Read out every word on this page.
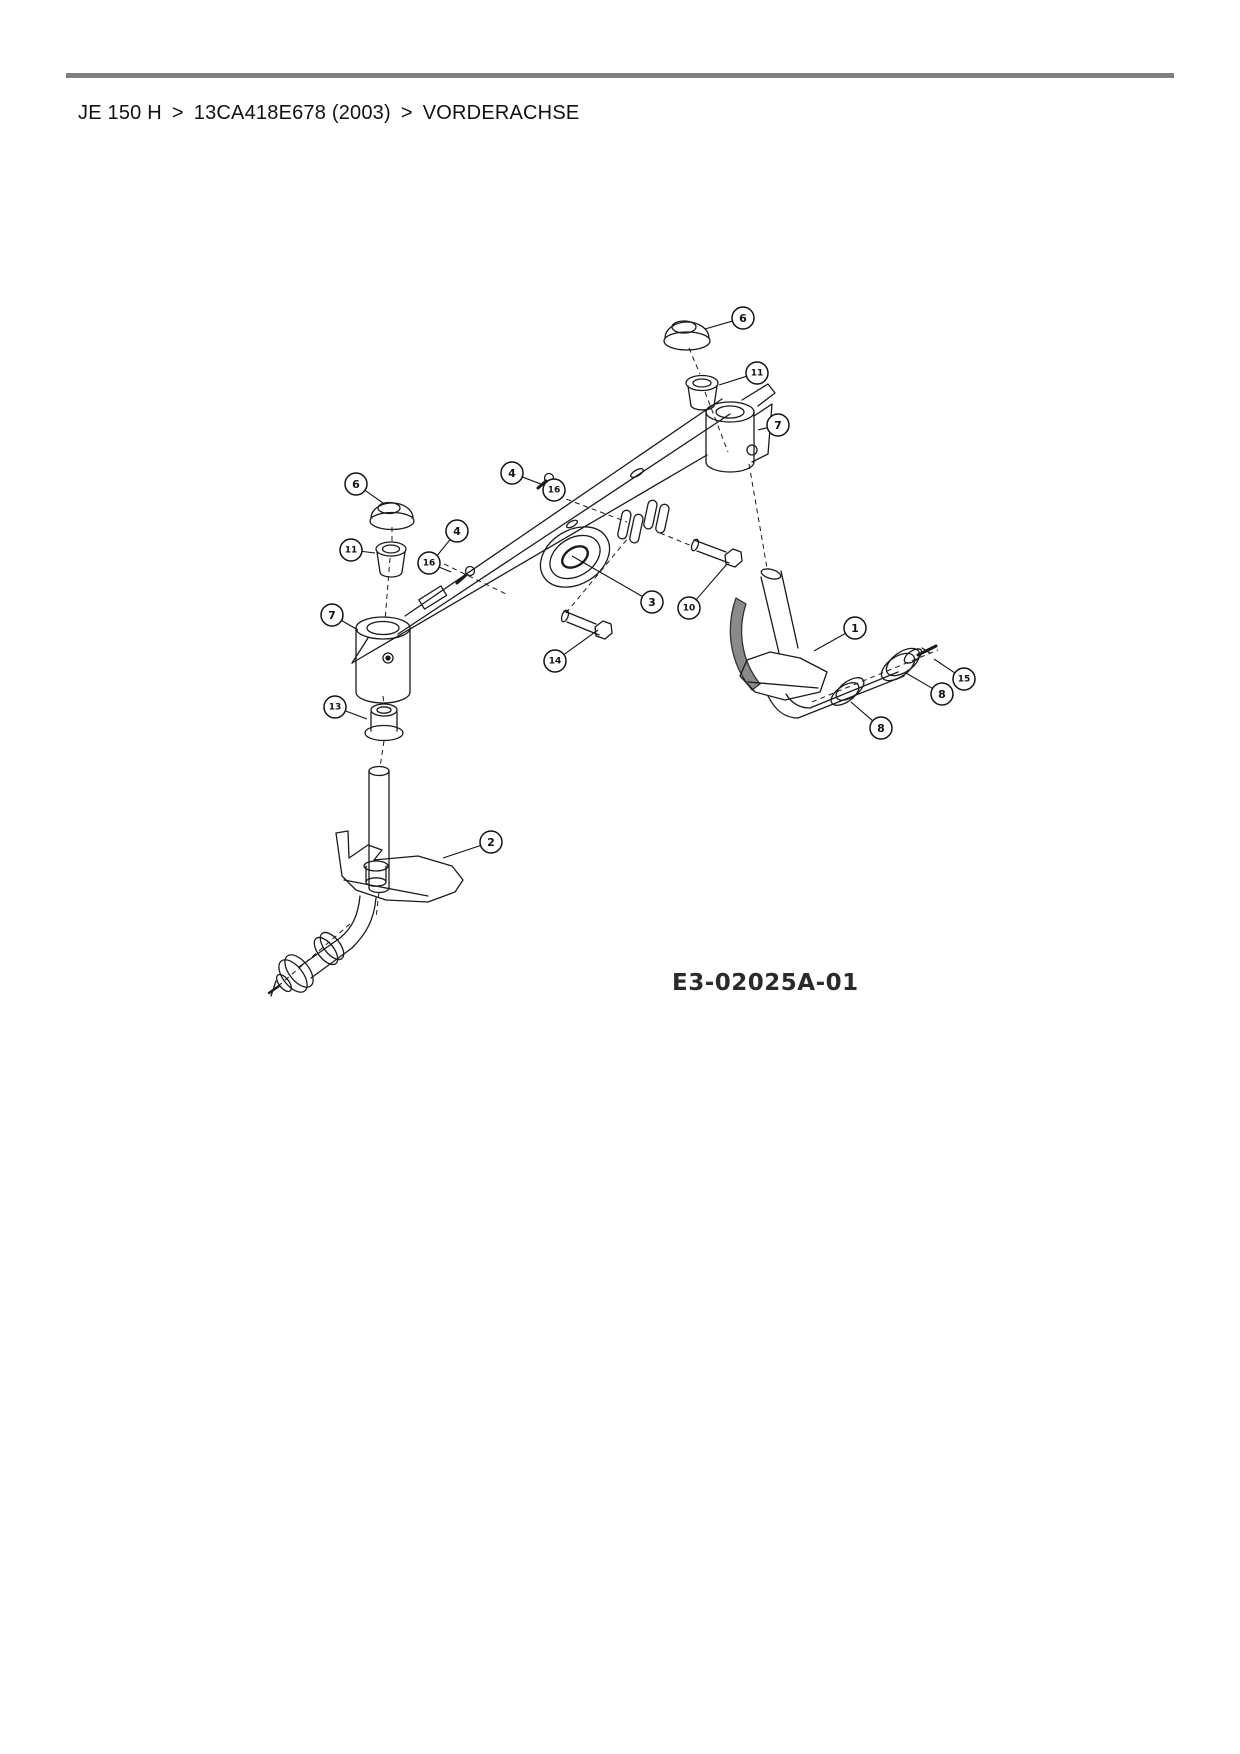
JE 150 H > 13CA418E678 (2003) > VORDERACHSE
6
11
7
4
16
6
11
4
16
7
3	10
14
1
15
8
8
13
2
E3-02025A-01
